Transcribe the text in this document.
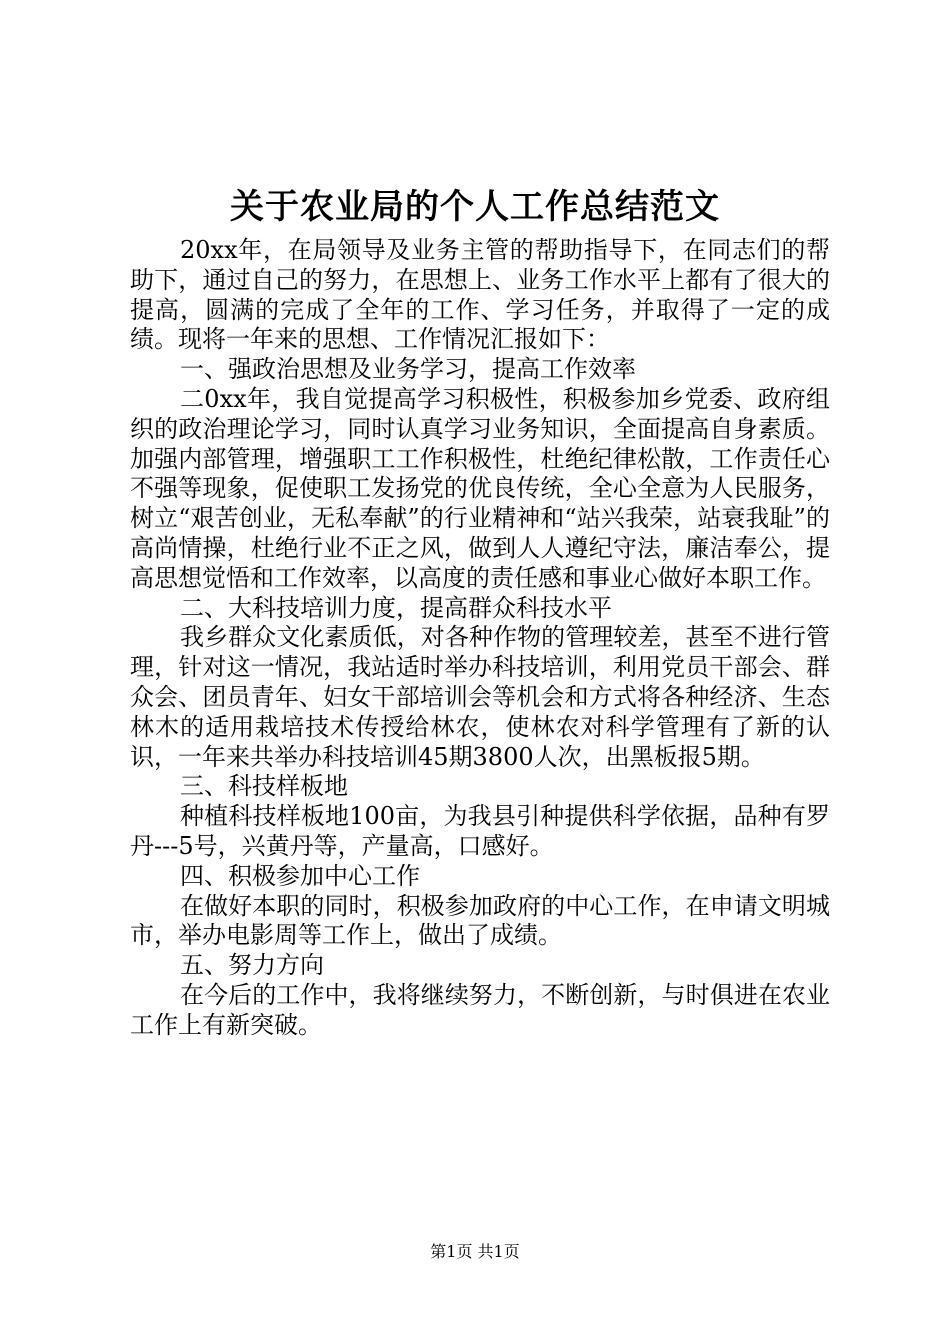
关于农业局的个人工作总结范文

20xx年，在局领导及业务主管的帮助指导下，在同志们的帮助下，通过自己的努力，在思想上、业务工作水平上都有了很大的提高，圆满的完成了全年的工作、学习任务，并取得了一定的成绩。现将一年来的思想、工作情况汇报如下：

一、强政治思想及业务学习，提高工作效率

二0xx年，我自觉提高学习积极性，积极参加乡党委、政府组织的政治理论学习，同时认真学习业务知识，全面提高自身素质。加强内部管理，增强职工工作积极性，杜绝纪律松散，工作责任心不强等现象，促使职工发扬党的优良传统，全心全意为人民服务，树立“艰苦创业，无私奉献”的行业精神和“站兴我荣，站衰我耻”的高尚情操，杜绝行业不正之风，做到人人遵纪守法，廉洁奉公，提高思想觉悟和工作效率，以高度的责任感和事业心做好本职工作。

二、大科技培训力度，提高群众科技水平

我乡群众文化素质低，对各种作物的管理较差，甚至不进行管理，针对这一情况，我站适时举办科技培训，利用党员干部会、群众会、团员青年、妇女干部培训会等机会和方式将各种经济、生态林木的适用栽培技术传授给林农，使林农对科学管理有了新的认识，一年来共举办科技培训45期3800人次，出黑板报5期。

三、科技样板地

种植科技样板地100亩，为我县引种提供科学依据，品种有罗丹---5号，兴黄丹等，产量高，口感好。

四、积极参加中心工作

在做好本职的同时，积极参加政府的中心工作，在申请文明城市，举办电影周等工作上，做出了成绩。

五、努力方向

在今后的工作中，我将继续努力，不断创新，与时俱进在农业工作上有新突破。

第1页 共1页
